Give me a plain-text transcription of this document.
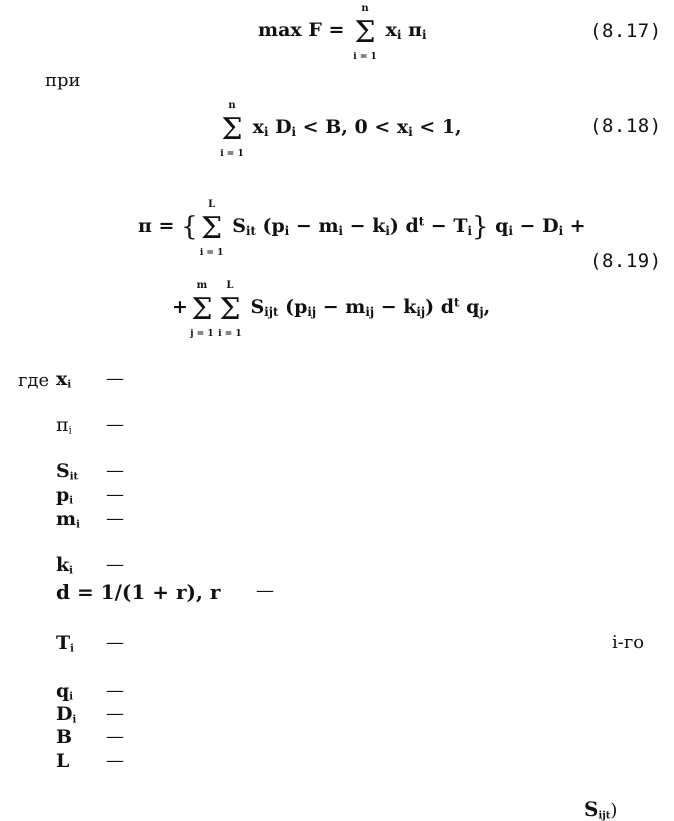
max F = Σ
n
i = 1
$x_i$ $\pi_i$	(8.17)
при
Σ
n
i = 1
$x_i$ $D_i < B$, $0 < x_i < 1$,	(8.18)
π = { Σ
L
i = 1
$S_{it}$ $(p_i - m_i - k_i) d^t - T_i$} $q_i - D_i$ +
(8.19)
+ Σ
m
j = 1
Σ
L
i = 1
$S_{ijt}$ $(p_{ij} - m_{ij} - k_{ij})$ $d^t$ $q_j$,
где $x_i$ —
$\pi_i$ —
$S_{it}$ —
$p_i$ —
$m_i$ —
$k_i$ —
d = 1/(1 + r), r —
$T_i$ —	i-го
$q_i$ —
$D_i$ —
B —
L —
$S_{ijt}$)
